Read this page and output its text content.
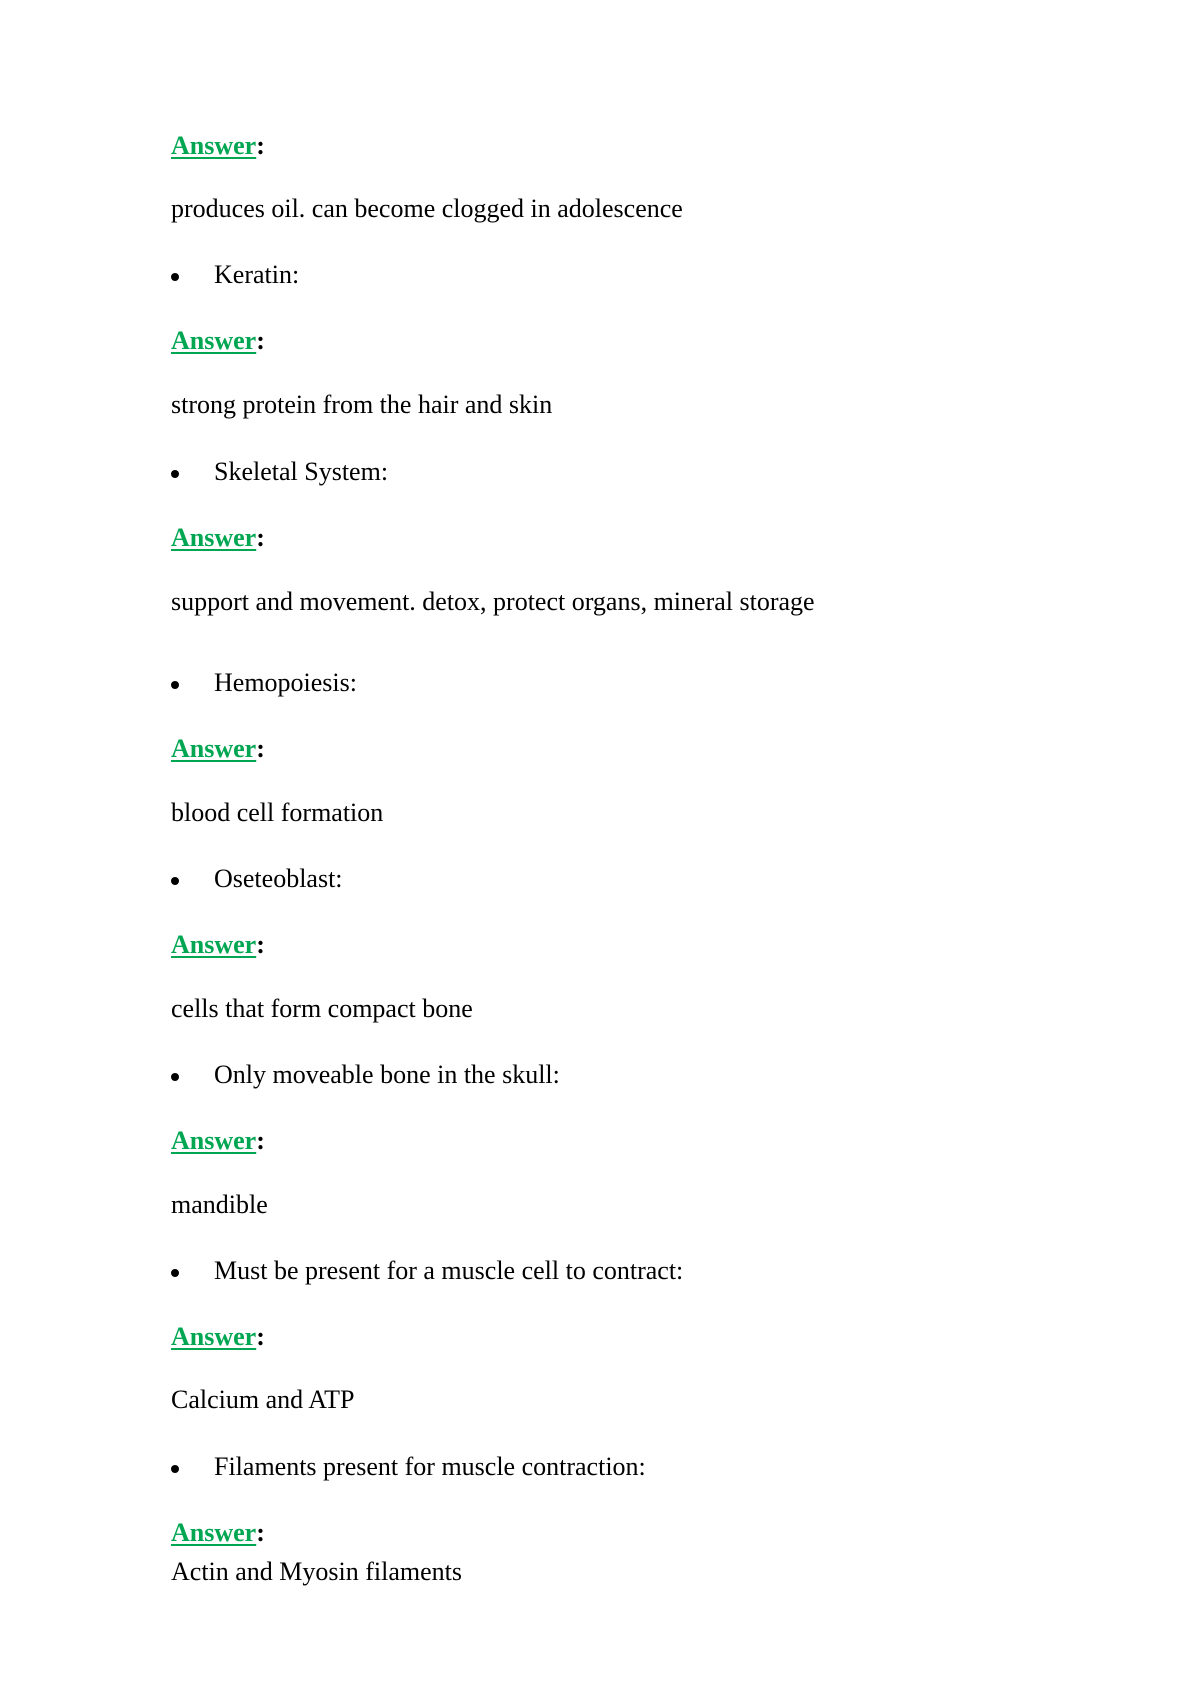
Answer:
produces oil. can become clogged in adolescence
Keratin:
Answer:
strong protein from the hair and skin
Skeletal System:
Answer:
support and movement. detox, protect organs, mineral storage
Hemopoiesis:
Answer:
blood cell formation
Oseteoblast:
Answer:
cells that form compact bone
Only moveable bone in the skull:
Answer:
mandible
Must be present for a muscle cell to contract:
Answer:
Calcium and ATP
Filaments present for muscle contraction:
Answer:
Actin and Myosin filaments
